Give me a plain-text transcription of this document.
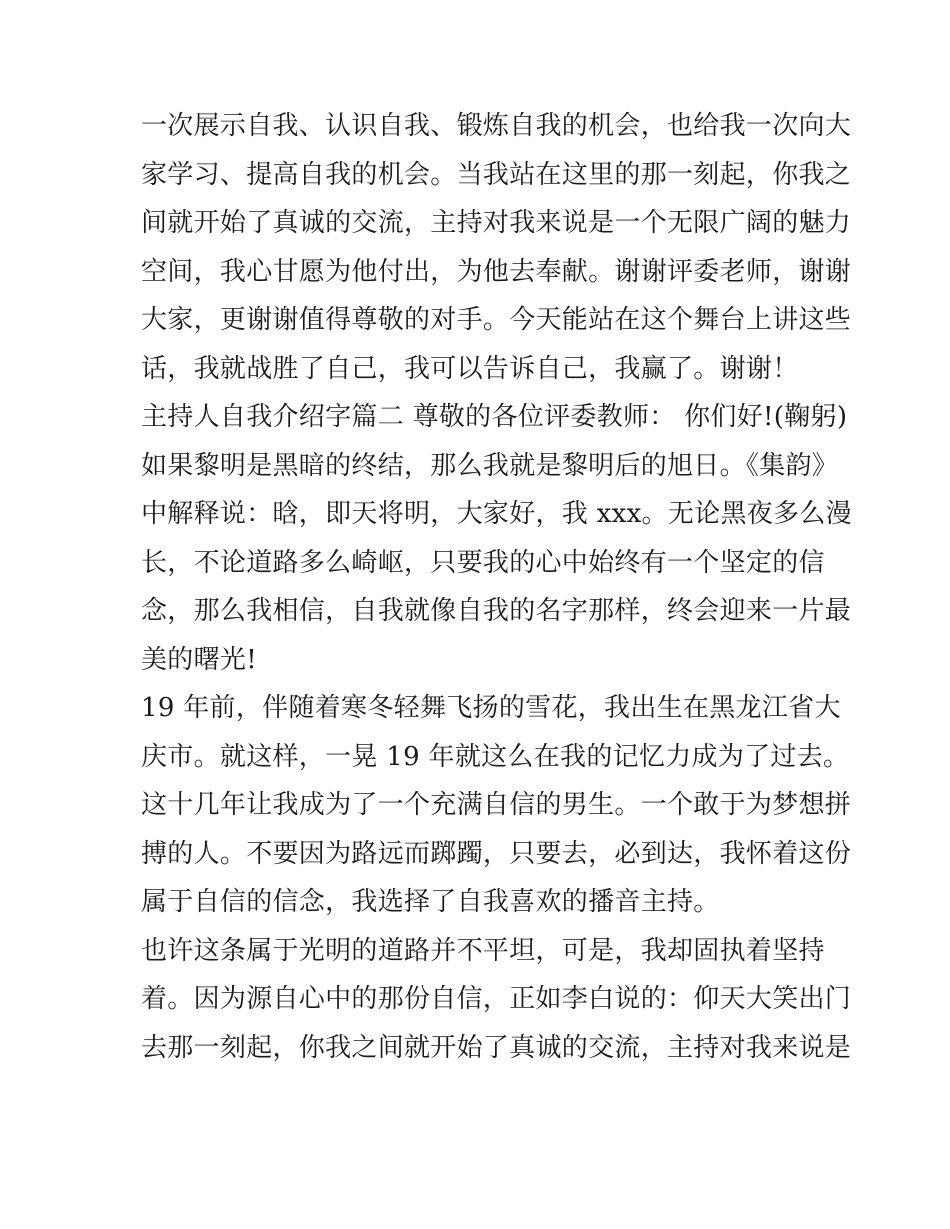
一次展示自我、认识自我、锻炼自我的机会，也给我一次向大
家学习、提高自我的机会。当我站在这里的那一刻起，你我之
间就开始了真诚的交流，主持对我来说是一个无限广阔的魅力
空间，我心甘愿为他付出，为他去奉献。谢谢评委老师，谢谢
大家，更谢谢值得尊敬的对手。今天能站在这个舞台上讲这些
话，我就战胜了自己，我可以告诉自己，我赢了。谢谢！
主持人自我介绍字篇二 尊敬的各位评委教师： 你们好!(鞠躬)
如果黎明是黑暗的终结，那么我就是黎明后的旭日。《集韵》
中解释说：晗，即天将明，大家好，我 xxx。无论黑夜多么漫
长，不论道路多么崎岖，只要我的心中始终有一个坚定的信
念，那么我相信，自我就像自我的名字那样，终会迎来一片最
美的曙光!
19 年前，伴随着寒冬轻舞飞扬的雪花，我出生在黑龙江省大
庆市。就这样，一晃 19 年就这么在我的记忆力成为了过去。
这十几年让我成为了一个充满自信的男生。一个敢于为梦想拼
搏的人。不要因为路远而踯躅，只要去，必到达，我怀着这份
属于自信的信念，我选择了自我喜欢的播音主持。
也许这条属于光明的道路并不平坦，可是，我却固执着坚持
着。因为源自心中的那份自信，正如李白说的：仰天大笑出门
去那一刻起，你我之间就开始了真诚的交流，主持对我来说是
